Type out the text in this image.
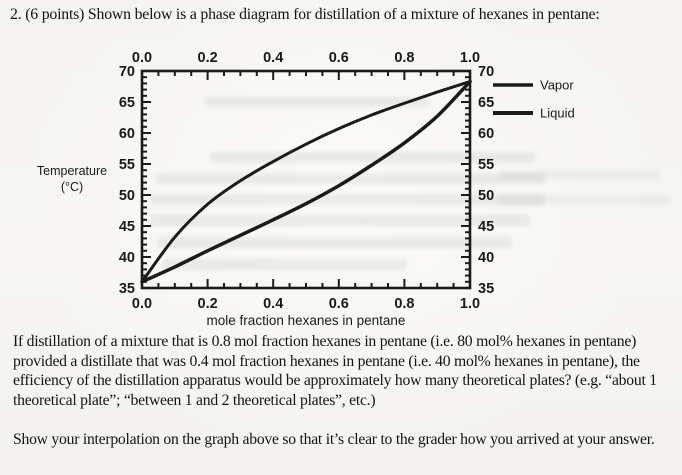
2. (6 points) Shown below is a phase diagram for distillation of a mixture of hexanes in pentane:
0.0
0.0
0.2
0.2
0.4
0.4
0.6
0.6
0.8
0.8
1.0
1.0
70	70
65	65
60	60
55	55
50	50
45	45
40	40
35	35
mole fraction hexanes in pentane
Temperature
(°C)
Vapor
Liquid

If distillation of a mixture that is 0.8 mol fraction hexanes in pentane (i.e. 80 mol% hexanes in pentane) provided a distillate that was 0.4 mol fraction hexanes in pentane (i.e. 40 mol% hexanes in pentane), the efficiency of the distillation apparatus would be approximately how many theoretical plates? (e.g. “about 1 theoretical plate”; “between 1 and 2 theoretical plates”, etc.)

Show your interpolation on the graph above so that it’s clear to the grader how you arrived at your answer.
